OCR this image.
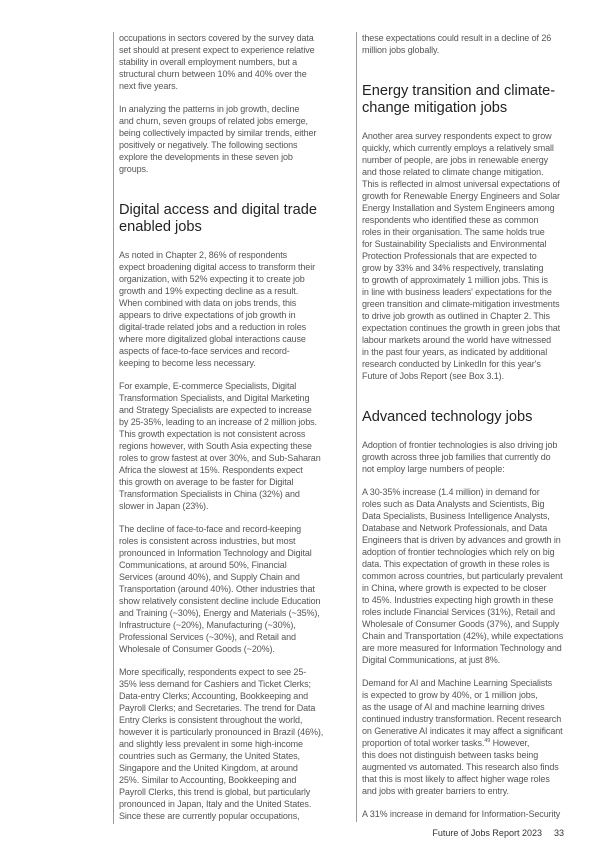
occupations in sectors covered by the survey data
set should at present expect to experience relative
stability in overall employment numbers, but a
structural churn between 10% and 40% over the
next five years.

In analyzing the patterns in job growth, decline
and churn, seven groups of related jobs emerge,
being collectively impacted by similar trends, either
positively or negatively. The following sections
explore the developments in these seven job
groups.

Digital access and digital trade
enabled jobs

As noted in Chapter 2, 86% of respondents
expect broadening digital access to transform their
organization, with 52% expecting it to create job
growth and 19% expecting decline as a result.
When combined with data on jobs trends, this
appears to drive expectations of job growth in
digital-trade related jobs and a reduction in roles
where more digitalized global interactions cause
aspects of face-to-face services and record-
keeping to become less necessary.

For example, E-commerce Specialists, Digital
Transformation Specialists, and Digital Marketing
and Strategy Specialists are expected to increase
by 25-35%, leading to an increase of 2 million jobs.
This growth expectation is not consistent across
regions however, with South Asia expecting these
roles to grow fastest at over 30%, and Sub-Saharan
Africa the slowest at 15%. Respondents expect
this growth on average to be faster for Digital
Transformation Specialists in China (32%) and
slower in Japan (23%).

The decline of face-to-face and record-keeping
roles is consistent across industries, but most
pronounced in Information Technology and Digital
Communications, at around 50%, Financial
Services (around 40%), and Supply Chain and
Transportation (around 40%). Other industries that
show relatively consistent decline include Education
and Training (~30%), Energy and Materials (~35%),
Infrastructure (~20%), Manufacturing (~30%),
Professional Services (~30%), and Retail and
Wholesale of Consumer Goods (~20%).

More specifically, respondents expect to see 25-
35% less demand for Cashiers and Ticket Clerks;
Data-entry Clerks; Accounting, Bookkeeping and
Payroll Clerks; and Secretaries. The trend for Data
Entry Clerks is consistent throughout the world,
however it is particularly pronounced in Brazil (46%),
and slightly less prevalent in some high-income
countries such as Germany, the United States,
Singapore and the United Kingdom, at around
25%. Similar to Accounting, Bookkeeping and
Payroll Clerks, this trend is global, but particularly
pronounced in Japan, Italy and the United States.
Since these are currently popular occupations,

these expectations could result in a decline of 26
million jobs globally.

Energy transition and climate-
change mitigation jobs

Another area survey respondents expect to grow
quickly, which currently employs a relatively small
number of people, are jobs in renewable energy
and those related to climate change mitigation.
This is reflected in almost universal expectations of
growth for Renewable Energy Engineers and Solar
Energy Installation and System Engineers among
respondents who identified these as common
roles in their organisation. The same holds true
for Sustainability Specialists and Environmental
Protection Professionals that are expected to
grow by 33% and 34% respectively, translating
to growth of approximately 1 million jobs. This is
in line with business leaders' expectations for the
green transition and climate-mitigation investments
to drive job growth as outlined in Chapter 2. This
expectation continues the growth in green jobs that
labour markets around the world have witnessed
in the past four years, as indicated by additional
research conducted by LinkedIn for this year's
Future of Jobs Report (see Box 3.1).

Advanced technology jobs

Adoption of frontier technologies is also driving job
growth across three job families that currently do
not employ large numbers of people:

A 30-35% increase (1.4 million) in demand for
roles such as Data Analysts and Scientists, Big
Data Specialists, Business Intelligence Analysts,
Database and Network Professionals, and Data
Engineers that is driven by advances and growth in
adoption of frontier technologies which rely on big
data. This expectation of growth in these roles is
common across countries, but particularly prevalent
in China, where growth is expected to be closer
to 45%. Industries expecting high growth in these
roles include Financial Services (31%), Retail and
Wholesale of Consumer Goods (37%), and Supply
Chain and Transportation (42%), while expectations
are more measured for Information Technology and
Digital Communications, at just 8%.

Demand for AI and Machine Learning Specialists
is expected to grow by 40%, or 1 million jobs,
as the usage of AI and machine learning drives
continued industry transformation. Recent research
on Generative AI indicates it may affect a significant
proportion of total worker tasks.$^{49}$ However,
this does not distinguish between tasks being
augmented vs automated. This research also finds
that this is most likely to affect higher wage roles
and jobs with greater barriers to entry.

A 31% increase in demand for Information-Security

Future of Jobs Report 2023 33
